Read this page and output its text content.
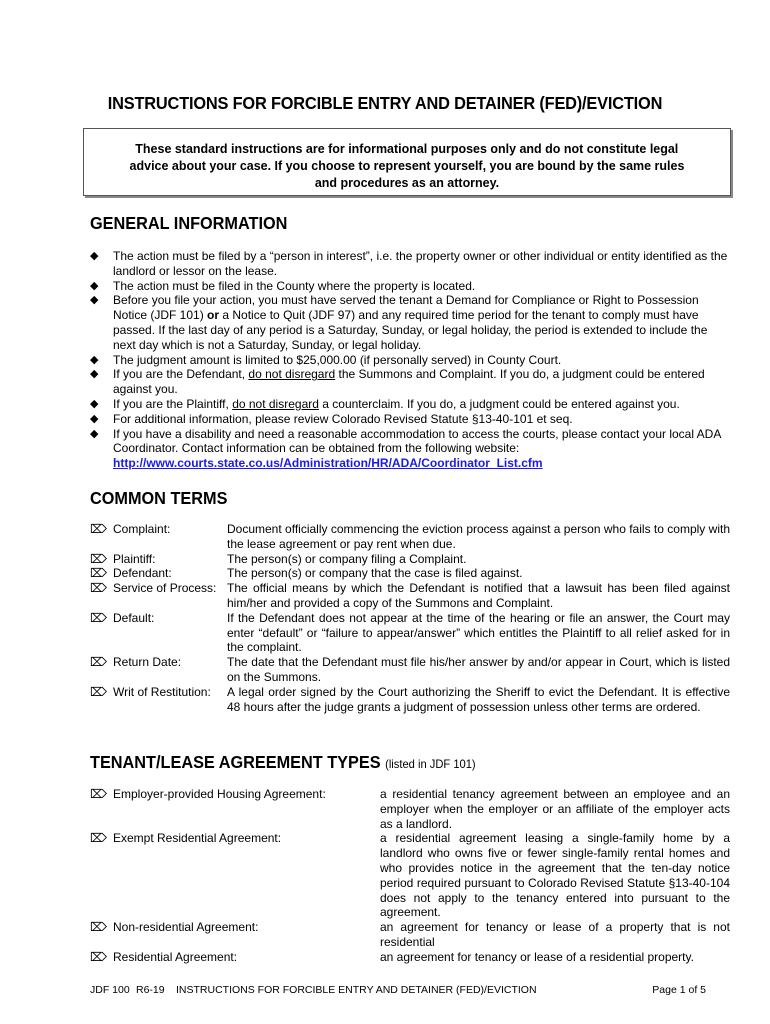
INSTRUCTIONS FOR FORCIBLE ENTRY AND DETAINER (FED)/EVICTION
These standard instructions are for informational purposes only and do not constitute legal
advice about your case. If you choose to represent yourself, you are bound by the same rules
and procedures as an attorney.
GENERAL INFORMATION
◆ The action must be filed by a “person in interest”, i.e. the property owner or other individual or entity identified as the landlord or lessor on the lease.
◆ The action must be filed in the County where the property is located.
◆ Before you file your action, you must have served the tenant a Demand for Compliance or Right to Possession Notice (JDF 101) or a Notice to Quit (JDF 97) and any required time period for the tenant to comply must have passed. If the last day of any period is a Saturday, Sunday, or legal holiday, the period is extended to include the next day which is not a Saturday, Sunday, or legal holiday.
◆ The judgment amount is limited to $25,000.00 (if personally served) in County Court.
◆ If you are the Defendant, do not disregard the Summons and Complaint. If you do, a judgment could be entered against you.
◆ If you are the Plaintiff, do not disregard a counterclaim. If you do, a judgment could be entered against you.
◆ For additional information, please review Colorado Revised Statute §13-40-101 et seq.
◆ If you have a disability and need a reasonable accommodation to access the courts, please contact your local ADA Coordinator. Contact information can be obtained from the following website:
http://www.courts.state.co.us/Administration/HR/ADA/Coordinator_List.cfm
COMMON TERMS
⌦ Complaint:	Document officially commencing the eviction process against a person who fails to comply with the lease agreement or pay rent when due.
⌦ Plaintiff:	The person(s) or company filing a Complaint.
⌦ Defendant:	The person(s) or company that the case is filed against.
⌦ Service of Process: The official means by which the Defendant is notified that a lawsuit has been filed against him/her and provided a copy of the Summons and Complaint.
⌦ Default:	If the Defendant does not appear at the time of the hearing or file an answer, the Court may enter “default” or “failure to appear/answer” which entitles the Plaintiff to all relief asked for in the complaint.
⌦ Return Date:	The date that the Defendant must file his/her answer by and/or appear in Court, which is listed on the Summons.
⌦ Writ of Restitution:	A legal order signed by the Court authorizing the Sheriff to evict the Defendant. It is effective 48 hours after the judge grants a judgment of possession unless other terms are ordered.
TENANT/LEASE AGREEMENT TYPES (listed in JDF 101)
⌦ Employer-provided Housing Agreement:	a residential tenancy agreement between an employee and an employer when the employer or an affiliate of the employer acts as a landlord.
⌦ Exempt Residential Agreement:	a residential agreement leasing a single-family home by a landlord who owns five or fewer single-family rental homes and who provides notice in the agreement that the ten-day notice period required pursuant to Colorado Revised Statute §13-40-104 does not apply to the tenancy entered into pursuant to the agreement.
⌦ Non-residential Agreement:	an agreement for tenancy or lease of a property that is not residential
⌦ Residential Agreement:	an agreement for tenancy or lease of a residential property.
JDF 100 R6-19	INSTRUCTIONS FOR FORCIBLE ENTRY AND DETAINER (FED)/EVICTION	Page 1 of 5
